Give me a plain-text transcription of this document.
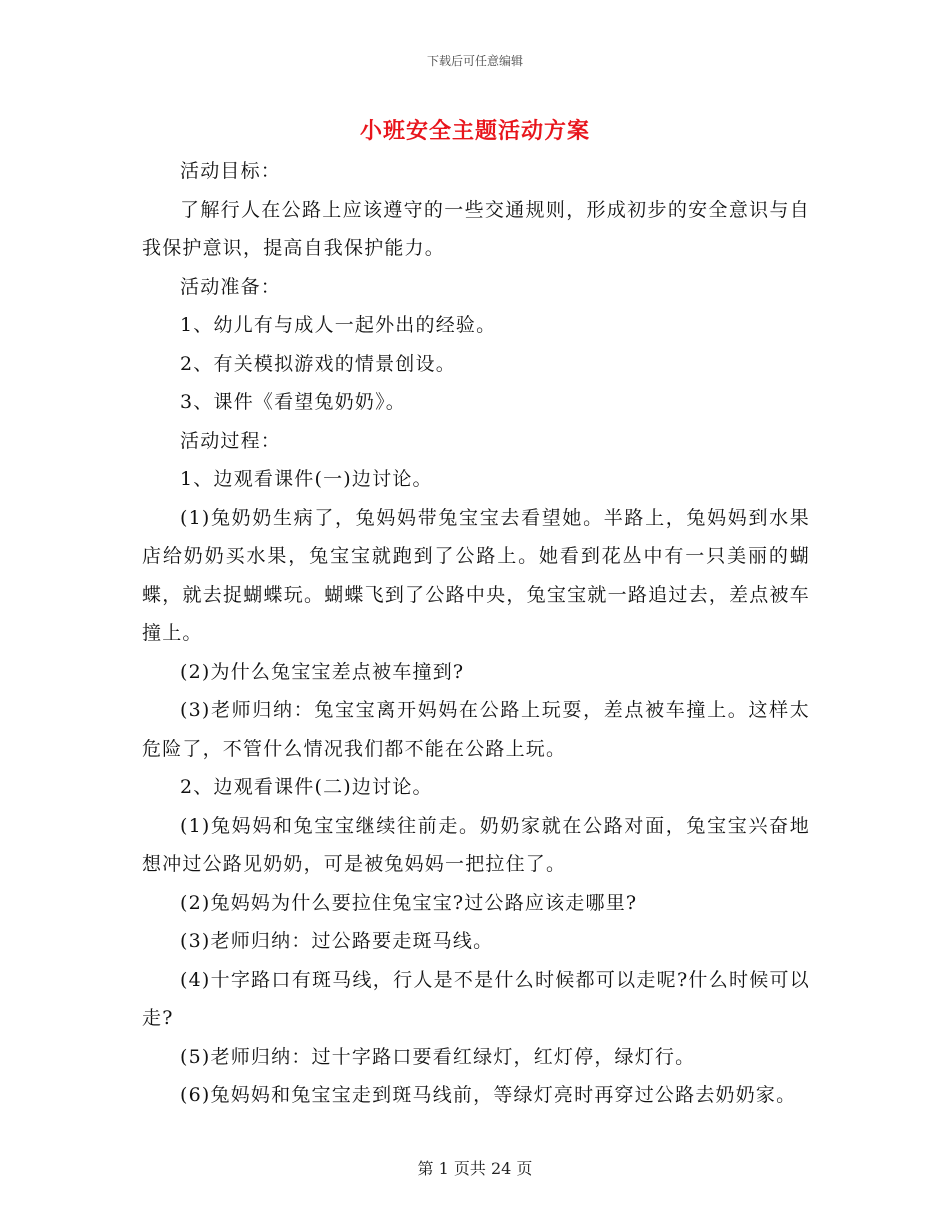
下载后可任意编辑
小班安全主题活动方案

活动目标：

了解行人在公路上应该遵守的一些交通规则，形成初步的安全意识与自我保护意识，提高自我保护能力。

活动准备：

1、幼儿有与成人一起外出的经验。

2、有关模拟游戏的情景创设。

3、课件《看望兔奶奶》。

活动过程：

1、边观看课件(一)边讨论。

(1)兔奶奶生病了，兔妈妈带兔宝宝去看望她。半路上，兔妈妈到水果店给奶奶买水果，兔宝宝就跑到了公路上。她看到花丛中有一只美丽的蝴蝶，就去捉蝴蝶玩。蝴蝶飞到了公路中央，兔宝宝就一路追过去，差点被车撞上。

(2)为什么兔宝宝差点被车撞到?

(3)老师归纳：兔宝宝离开妈妈在公路上玩耍，差点被车撞上。这样太危险了，不管什么情况我们都不能在公路上玩。

2、边观看课件(二)边讨论。

(1)兔妈妈和兔宝宝继续往前走。奶奶家就在公路对面，兔宝宝兴奋地想冲过公路见奶奶，可是被兔妈妈一把拉住了。

(2)兔妈妈为什么要拉住兔宝宝?过公路应该走哪里?

(3)老师归纳：过公路要走斑马线。

(4)十字路口有斑马线，行人是不是什么时候都可以走呢?什么时候可以走?

(5)老师归纳：过十字路口要看红绿灯，红灯停，绿灯行。

(6)兔妈妈和兔宝宝走到斑马线前，等绿灯亮时再穿过公路去奶奶家。

第 1 页共 24 页
